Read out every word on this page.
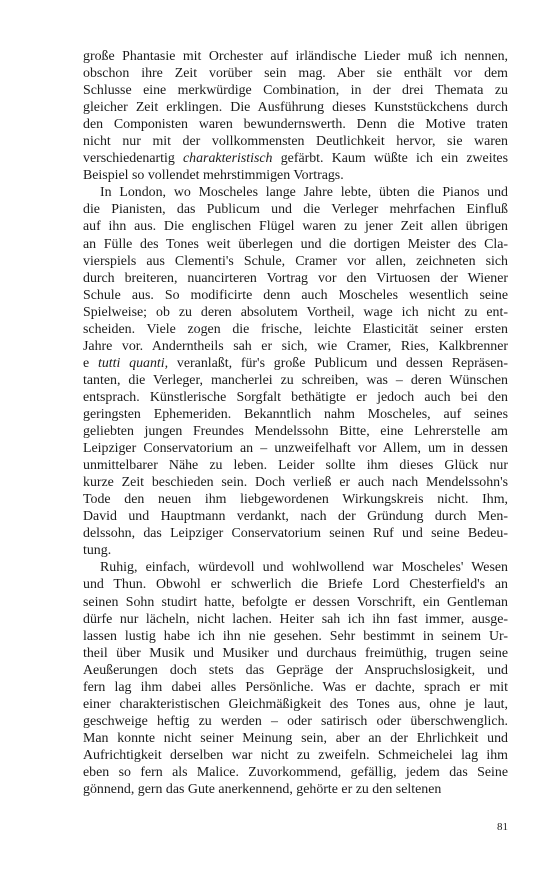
große Phantasie mit Orchester auf irländische Lieder muß ich nennen,
obschon ihre Zeit vorüber sein mag. Aber sie enthält vor dem
Schlusse eine merkwürdige Combination, in der drei Themata zu
gleicher Zeit erklingen. Die Ausführung dieses Kunststückchens durch
den Componisten waren bewundernswerth. Denn die Motive traten
nicht nur mit der vollkommensten Deutlichkeit hervor, sie waren
verschiedenartig charakteristisch gefärbt. Kaum wüßte ich ein zweites
Beispiel so vollendet mehrstimmigen Vortrags.
In London, wo Moscheles lange Jahre lebte, übten die Pianos und
die Pianisten, das Publicum und die Verleger mehrfachen Einfluß
auf ihn aus. Die englischen Flügel waren zu jener Zeit allen übrigen
an Fülle des Tones weit überlegen und die dortigen Meister des Cla-
vierspiels aus Clementi's Schule, Cramer vor allen, zeichneten sich
durch breiteren, nuancirteren Vortrag vor den Virtuosen der Wiener
Schule aus. So modificirte denn auch Moscheles wesentlich seine
Spielweise; ob zu deren absolutem Vortheil, wage ich nicht zu ent-
scheiden. Viele zogen die frische, leichte Elasticität seiner ersten
Jahre vor. Anderntheils sah er sich, wie Cramer, Ries, Kalkbrenner
e tutti quanti, veranlaßt, für's große Publicum und dessen Repräsen-
tanten, die Verleger, mancherlei zu schreiben, was – deren Wünschen
entsprach. Künstlerische Sorgfalt bethätigte er jedoch auch bei den
geringsten Ephemeriden. Bekanntlich nahm Moscheles, auf seines
geliebten jungen Freundes Mendelssohn Bitte, eine Lehrerstelle am
Leipziger Conservatorium an – unzweifelhaft vor Allem, um in dessen
unmittelbarer Nähe zu leben. Leider sollte ihm dieses Glück nur
kurze Zeit beschieden sein. Doch verließ er auch nach Mendelssohn's
Tode den neuen ihm liebgewordenen Wirkungskreis nicht. Ihm,
David und Hauptmann verdankt, nach der Gründung durch Men-
delssohn, das Leipziger Conservatorium seinen Ruf und seine Bedeu-
tung.
Ruhig, einfach, würdevoll und wohlwollend war Moscheles' Wesen
und Thun. Obwohl er schwerlich die Briefe Lord Chesterfield's an
seinen Sohn studirt hatte, befolgte er dessen Vorschrift, ein Gentleman
dürfe nur lächeln, nicht lachen. Heiter sah ich ihn fast immer, ausge-
lassen lustig habe ich ihn nie gesehen. Sehr bestimmt in seinem Ur-
theil über Musik und Musiker und durchaus freimüthig, trugen seine
Aeußerungen doch stets das Gepräge der Anspruchslosigkeit, und
fern lag ihm dabei alles Persönliche. Was er dachte, sprach er mit
einer charakteristischen Gleichmäßigkeit des Tones aus, ohne je laut,
geschweige heftig zu werden – oder satirisch oder überschwenglich.
Man konnte nicht seiner Meinung sein, aber an der Ehrlichkeit und
Aufrichtigkeit derselben war nicht zu zweifeln. Schmeichelei lag ihm
eben so fern als Malice. Zuvorkommend, gefällig, jedem das Seine
gönnend, gern das Gute anerkennend, gehörte er zu den seltenen
81
